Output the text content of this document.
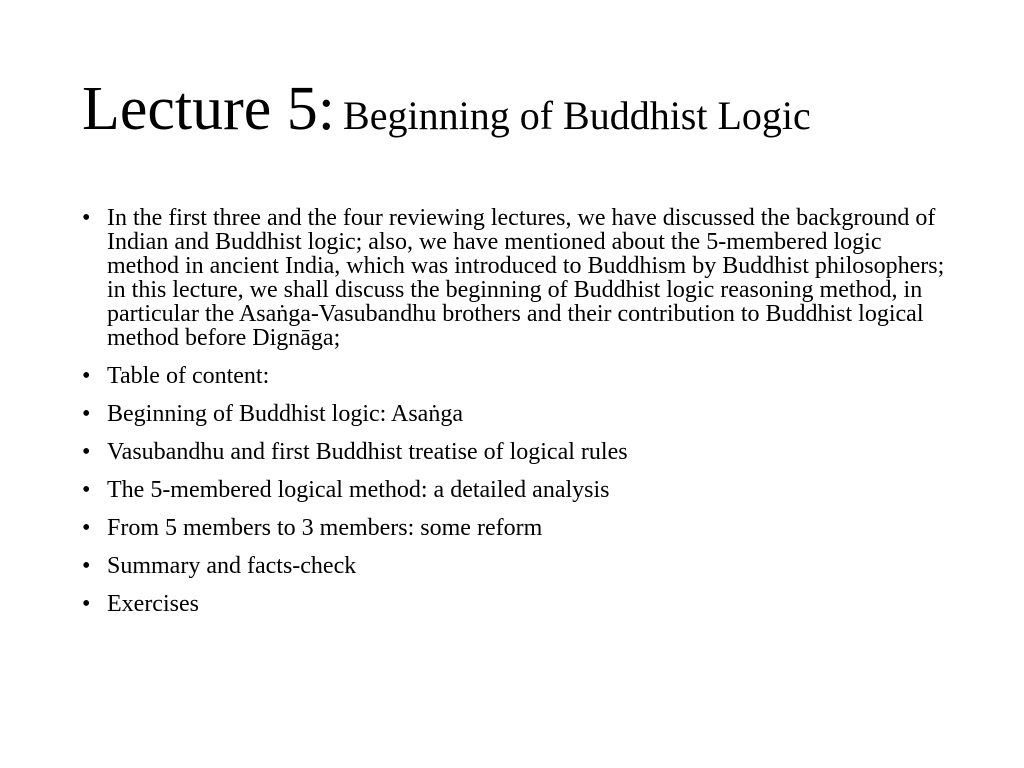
Lecture 5: Beginning of Buddhist Logic
• In the first three and the four reviewing lectures, we have discussed the background of Indian and Buddhist logic; also, we have mentioned about the 5-membered logic method in ancient India, which was introduced to Buddhism by Buddhist philosophers; in this lecture, we shall discuss the beginning of Buddhist logic reasoning method, in particular the Asaṅga-Vasubandhu brothers and their contribution to Buddhist logical method before Dignāga;
• Table of content:
• Beginning of Buddhist logic: Asaṅga
• Vasubandhu and first Buddhist treatise of logical rules
• The 5-membered logical method: a detailed analysis
• From 5 members to 3 members: some reform
• Summary and facts-check
• Exercises
